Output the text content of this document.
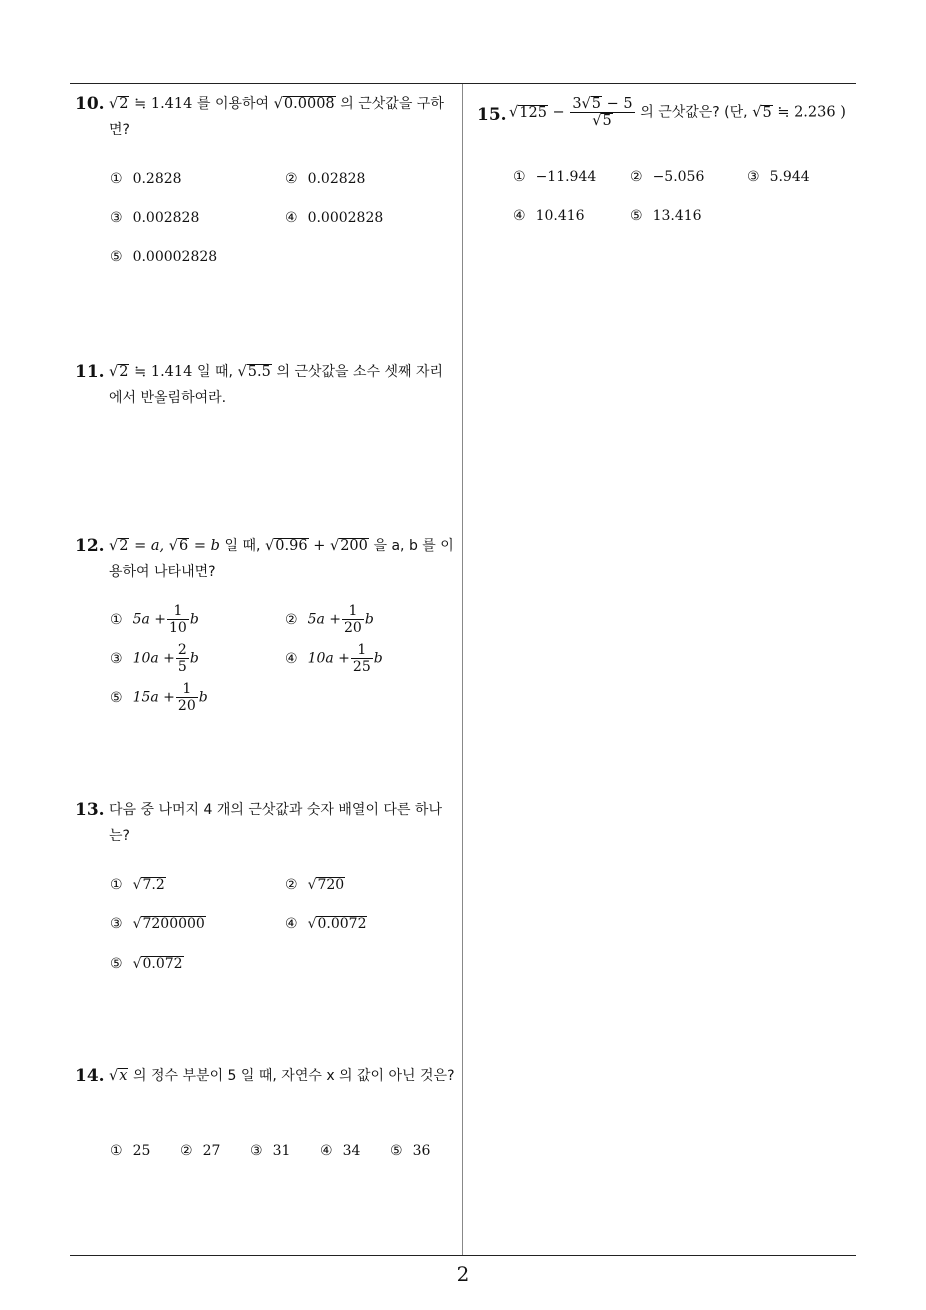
2
10. √2 ≒ 1.414 를 이용하여 √0.0008 의 근삿값을 구하면?
① 0.2828	② 0.02828
③ 0.002828	④ 0.0002828
⑤ 0.00002828
11. √2 ≒ 1.414 일 때, √5.5 의 근삿값을 소수 셋째 자리에서 반올림하여라.
12. √2 = a, √6 = b 일 때, √0.96 + √200 을 a, b 를 이용하여 나타내면?
① $5a + \frac{1}{10}$ b	② $5a + \frac{1}{20}$ b
③ $10a + \frac{2}{5}$ b	④ $10a + \frac{1}{25}$ b
⑤ $15a + \frac{1}{20}$ b
13. 다음 중 나머지 4 개의 근삿값과 숫자 배열이 다른 하나는?
① √7.2	② √720
③ √7200000	④ √0.0072
⑤ √0.072
14. √x 의 정수 부분이 5 일 때, 자연수 x 의 값이 아닌 것은?
① 25 ② 27 ③ 31 ④ 34 ⑤ 36
15. $√125 - \frac{3√5 - 5}{√5}$ 의 근삿값은? (단, √5 ≒ 2.236 )
① −11.944 ② −5.056	③ 5.944
④ 10.416	⑤ 13.416
